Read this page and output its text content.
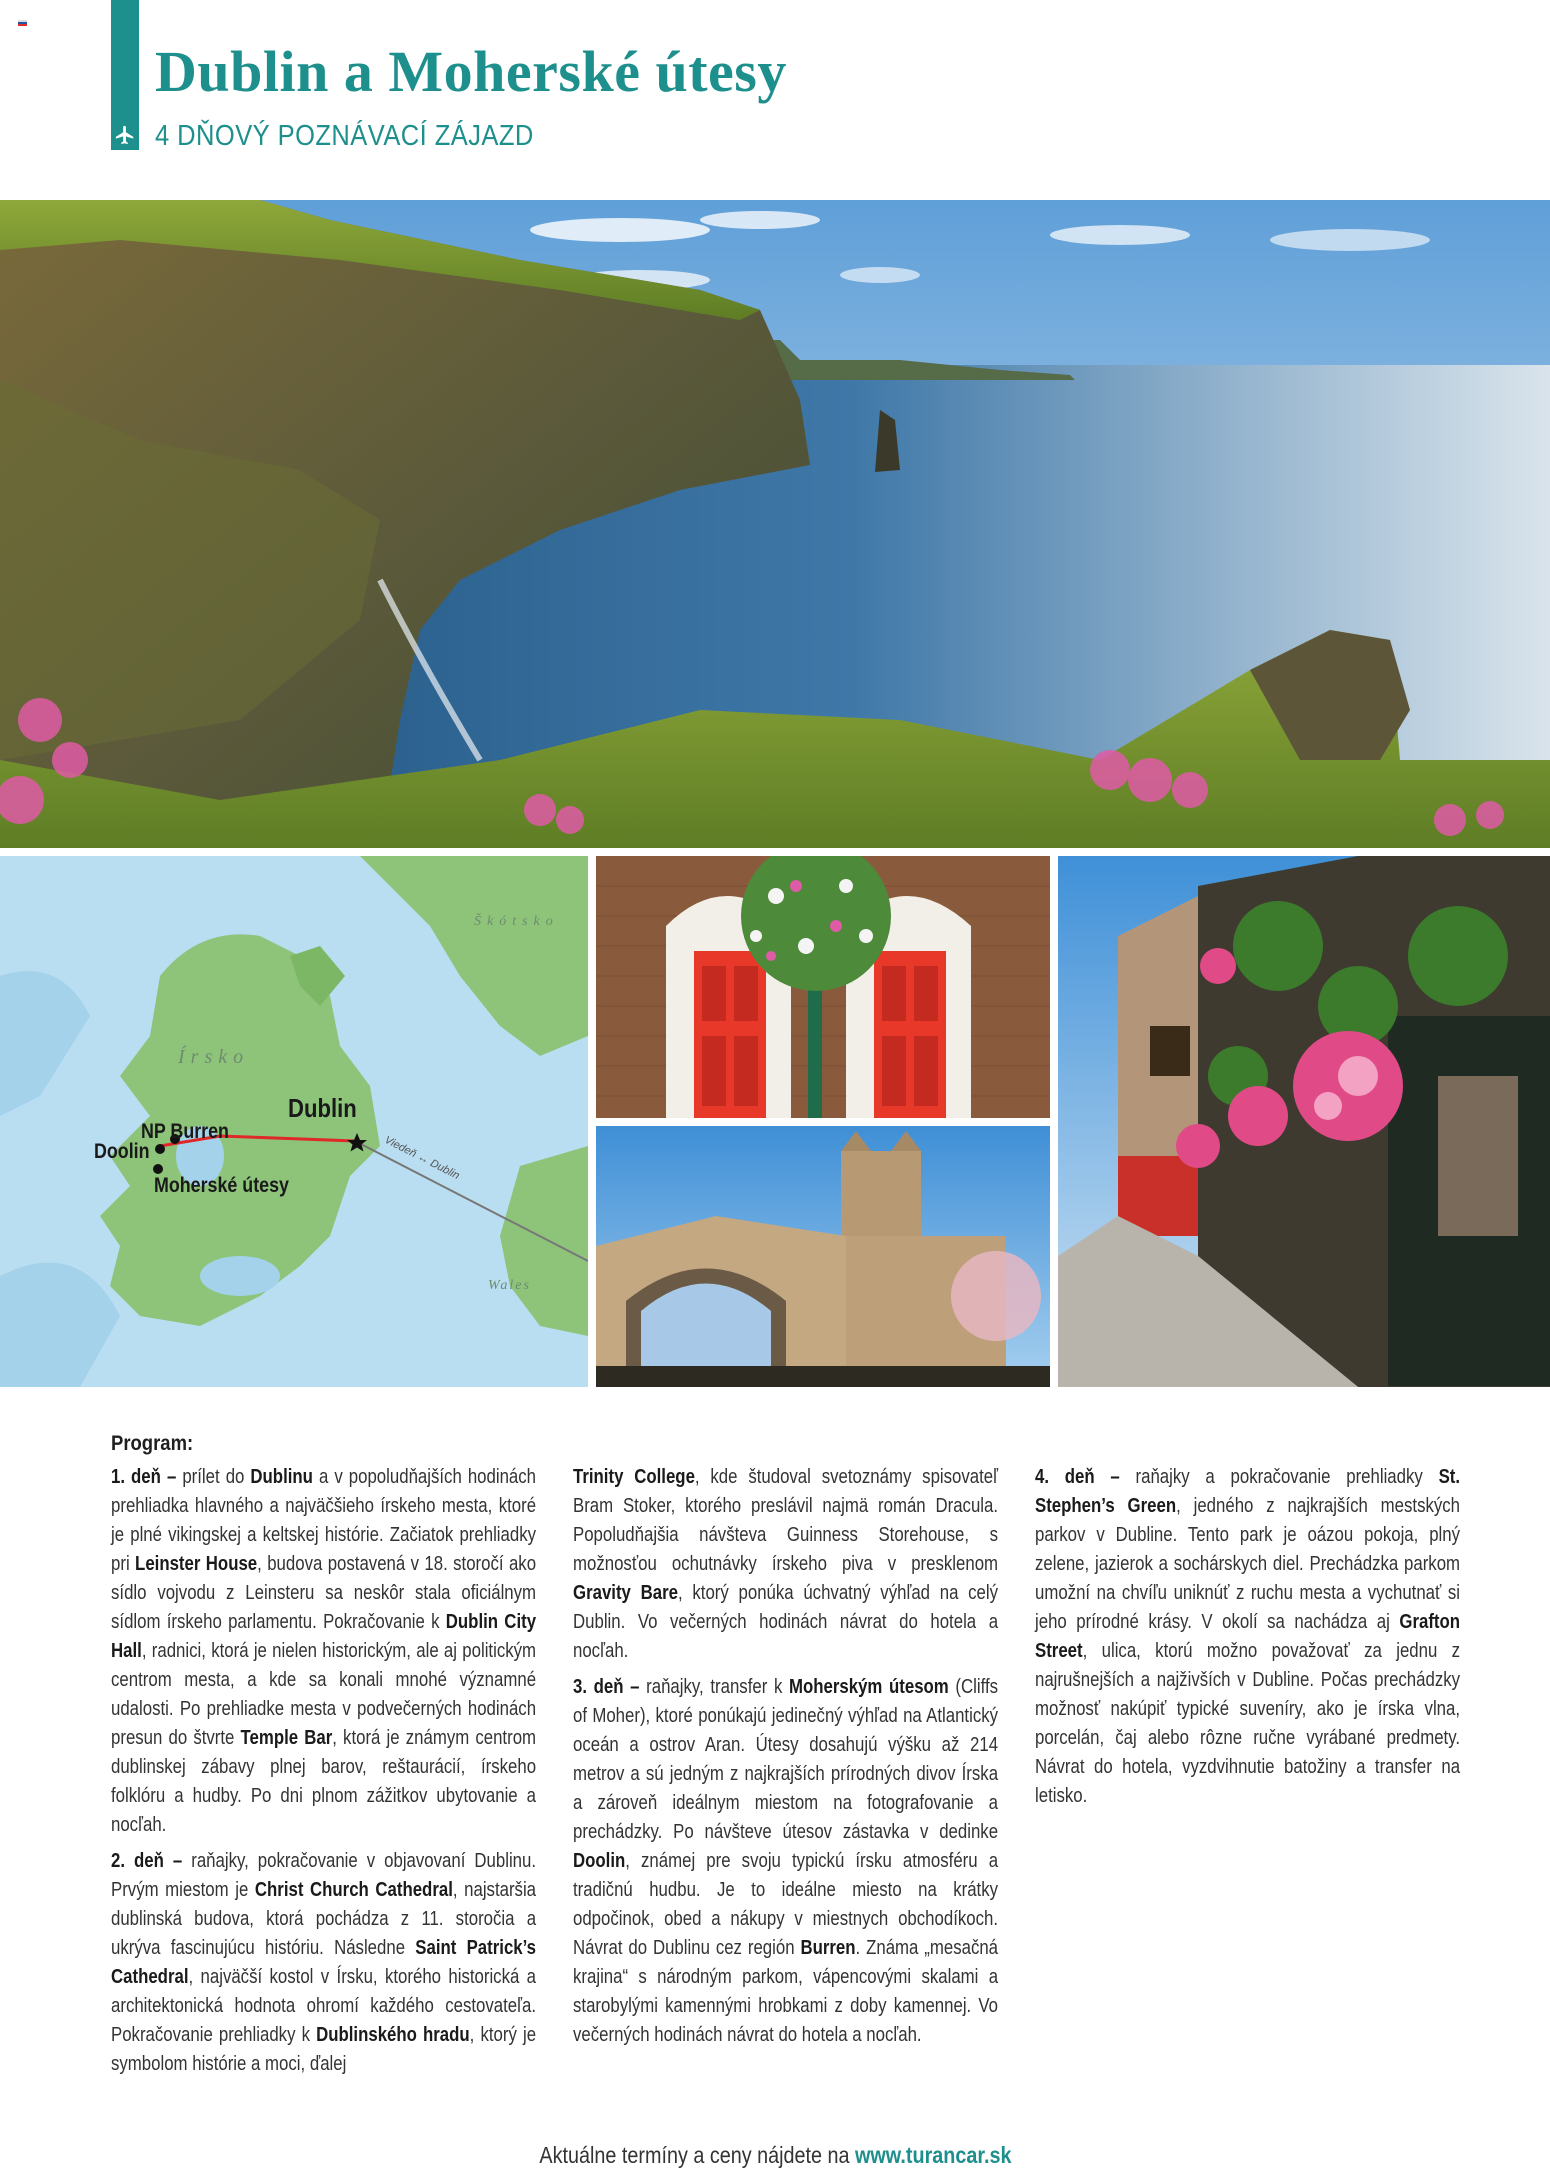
Dublin a Moherské útesy
4 DŇOVÝ POZNÁVACÍ ZÁJAZD
Škótsko
Írsko
Wales
Dublin
NP Burren
Doolin
Moherské útesy
Viedeň ↔ Dublin
Program:

1. deň – prílet do Dublinu a v popoludňajších hodinách prehliadka hlavného a najväčšieho írskeho mesta, ktoré je plné vikingskej a keltskej histórie. Začiatok prehliadky pri Leinster House, budova postavená v 18. storočí ako sídlo vojvodu z Leinsteru sa neskôr stala oficiálnym sídlom írskeho parlamentu. Pokračovanie k Dublin City Hall, radnici, ktorá je nielen historickým, ale aj politickým centrom mesta, a kde sa konali mnohé významné udalosti. Po prehliadke mesta v podvečerných hodinách presun do štvrte Temple Bar, ktorá je známym centrom dublinskej zábavy plnej barov, reštaurácií, írskeho folklóru a hudby. Po dni plnom zážitkov ubytovanie a nocľah.

2. deň – raňajky, pokračovanie v objavovaní Dublinu. Prvým miestom je Christ Church Cathedral, najstaršia dublinská budova, ktorá pochádza z 11. storočia a ukrýva fascinujúcu históriu. Následne Saint Patrick’s Cathedral, najväčší kostol v Írsku, ktorého historická a architektonická hodnota ohromí každého cestovateľa. Pokračovanie prehliadky k Dublinského hradu, ktorý je symbolom histórie a moci, ďalej

Trinity College, kde študoval svetoznámy spisovateľ Bram Stoker, ktorého preslávil najmä román Dracula. Popoludňajšia návšteva Guinness Storehouse, s možnosťou ochutnávky írskeho piva v presklenom Gravity Bare, ktorý ponúka úchvatný výhľad na celý Dublin. Vo večerných hodinách návrat do hotela a nocľah.

3. deň – raňajky, transfer k Moherským útesom (Cliffs of Moher), ktoré ponúkajú jedinečný výhľad na Atlantický oceán a ostrov Aran. Útesy dosahujú výšku až 214 metrov a sú jedným z najkrajších prírodných divov Írska a zároveň ideálnym miestom na fotografovanie a prechádzky. Po návšteve útesov zástavka v dedinke Doolin, známej pre svoju typickú írsku atmosféru a tradičnú hudbu. Je to ideálne miesto na krátky odpočinok, obed a nákupy v miestnych obchodíkoch. Návrat do Dublinu cez región Burren. Známa „mesačná krajina“ s národným parkom, vápencovými skalami a starobylými kamennými hrobkami z doby kamennej. Vo večerných hodinách návrat do hotela a nocľah.

4. deň – raňajky a pokračovanie prehliadky St. Stephen’s Green, jedného z najkrajších mestských parkov v Dubline. Tento park je oázou pokoja, plný zelene, jazierok a sochárskych diel. Prechádzka parkom umožní na chvíľu uniknúť z ruchu mesta a vychutnať si jeho prírodné krásy. V okolí sa nachádza aj Grafton Street, ulica, ktorú možno považovať za jednu z najrušnejších a najživších v Dubline. Počas prechádzky možnosť nakúpiť typické suveníry, ako je írska vlna, porcelán, čaj alebo rôzne ručne vyrábané predmety. Návrat do hotela, vyzdvihnutie batožiny a transfer na letisko.

Aktuálne termíny a ceny nájdete na www.turancar.sk
